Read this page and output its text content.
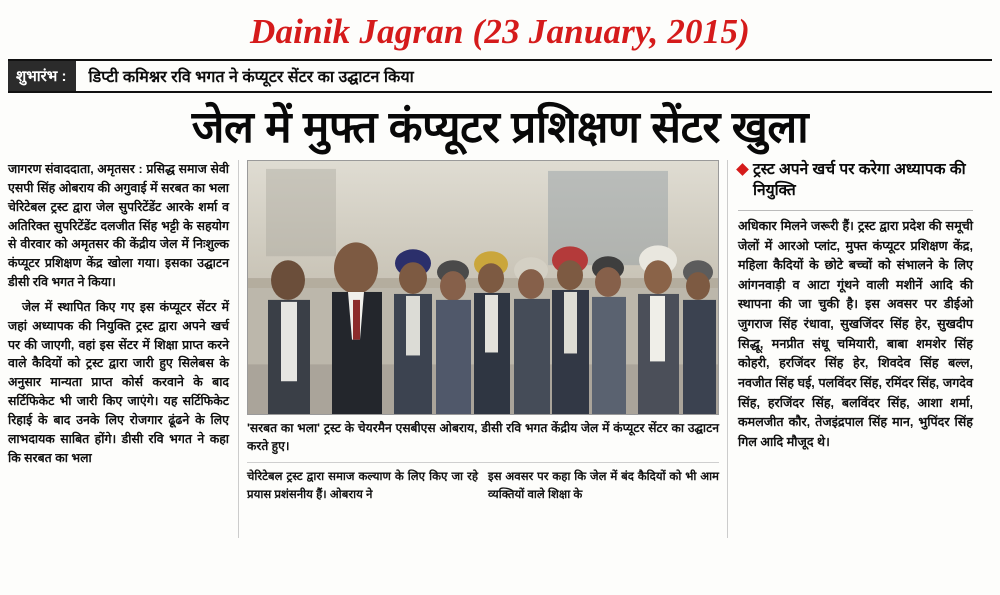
Dainik Jagran (23 January, 2015)
शुभारंभ :	डिप्टी कमिश्नर रवि भगत ने कंप्यूटर सेंटर का उद्घाटन किया
जेल में मुफ्त कंप्यूटर प्रशिक्षण सेंटर खुला

जागरण संवाददाता, अमृतसर : प्रसिद्ध समाज सेवी एसपी सिंह ओबराय की अगुवाई में सरबत का भला चेरिटेबल ट्रस्ट द्वारा जेल सुपरिटेंडेंट आरके शर्मा व अतिरिक्त सुपरिटेंडेंट दलजीत सिंह भट्टी के सहयोग से वीरवार को अमृतसर की केंद्रीय जेल में निःशुल्क कंप्यूटर प्रशिक्षण केंद्र खोला गया। इसका उद्घाटन डीसी रवि भगत ने किया।

जेल में स्थापित किए गए इस कंप्यूटर सेंटर में जहां अध्यापक की नियुक्ति ट्रस्ट द्वारा अपने खर्च पर की जाएगी, वहां इस सेंटर में शिक्षा प्राप्त करने वाले कैदियों को ट्रस्ट द्वारा जारी हुए सिलेबस के अनुसार मान्यता प्राप्त कोर्स करवाने के बाद सर्टिफिकेट भी जारी किए जाएंगे। यह सर्टिफिकेट रिहाई के बाद उनके लिए रोजगार ढूंढने के लिए लाभदायक साबित होंगे। डीसी रवि भगत ने कहा कि सरबत का भला

'सरबत का भला' ट्रस्ट के चेयरमैन एसबीएस ओबराय, डीसी रवि भगत केंद्रीय जेल में कंप्यूटर सेंटर का उद्घाटन करते हुए।

चेरिटेबल ट्रस्ट द्वारा समाज कल्याण के लिए किए जा रहे प्रयास प्रशंसनीय हैं। ओबराय ने

इस अवसर पर कहा कि जेल में बंद कैदियों को भी आम व्यक्तियों वाले शिक्षा के

ट्रस्ट अपने खर्च पर करेगा अध्यापक की नियुक्ति

अधिकार मिलने जरूरी हैं। ट्रस्ट द्वारा प्रदेश की समूची जेलों में आरओ प्लांट, मुफ्त कंप्यूटर प्रशिक्षण केंद्र, महिला कैदियों के छोटे बच्चों को संभालने के लिए आंगनवाड़ी व आटा गूंथने वाली मशीनें आदि की स्थापना की जा चुकी है। इस अवसर पर डीईओ जुगराज सिंह रंधावा, सुखजिंदर सिंह हेर, सुखदीप सिद्धू, मनप्रीत संधू चमियारी, बाबा शमशेर सिंह कोहरी, हरजिंदर सिंह हेर, शिवदेव सिंह बल्ल, नवजीत सिंह घई, पलविंदर सिंह, रमिंदर सिंह, जगदेव सिंह, हरजिंदर सिंह, बलविंदर सिंह, आशा शर्मा, कमलजीत कौर, तेजइंद्रपाल सिंह मान, भुपिंदर सिंह गिल आदि मौजूद थे।
